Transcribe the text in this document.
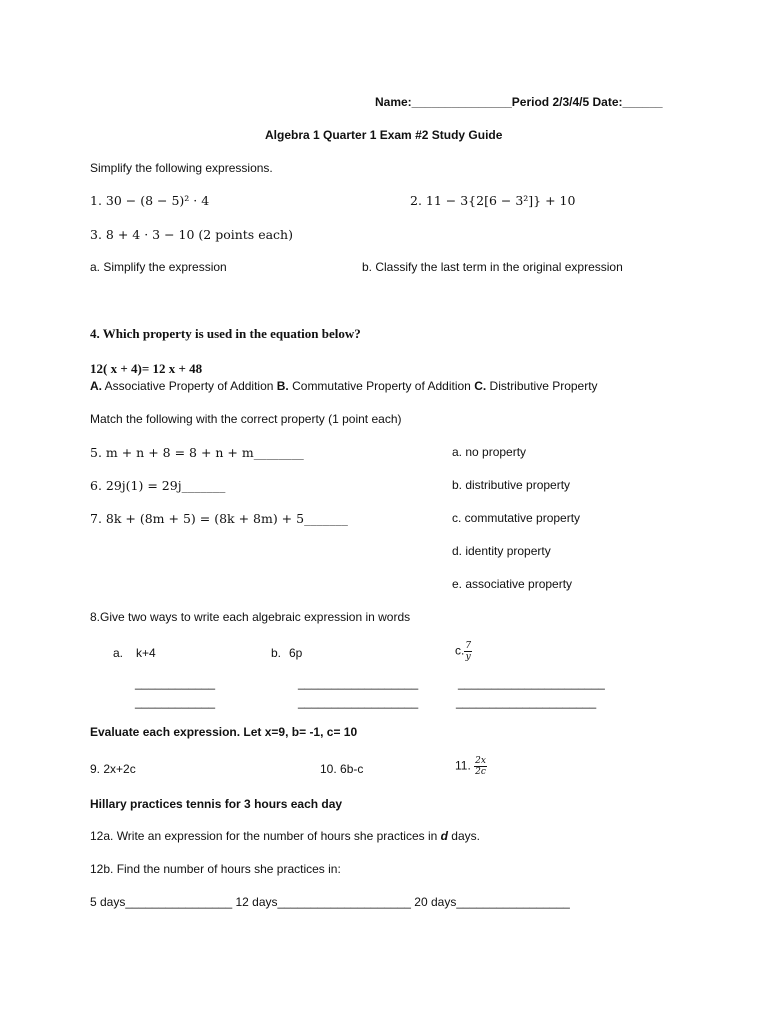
Name:_______________Period 2/3/4/5 Date:______
Algebra 1 Quarter 1 Exam #2 Study Guide
Simplify the following expressions.
1. 30 − (8 − 5)² · 4	2. 11 − 3{2[6 − 3²]} + 10
3. 8 + 4 · 3 − 10 (2 points each)
a. Simplify the expression	b. Classify the last term in the original expression
4. Which property is used in the equation below?
12( x + 4)= 12 x + 48
A. Associative Property of Addition B. Commutative Property of Addition C. Distributive Property
Match the following with the correct property (1 point each)
5. m + n + 8 = 8 + n + m________
6. 29j(1) = 29j_______
7. 8k + (8m + 5) = (8k + 8m) + 5_______
a. no property
b. distributive property
c. commutative property
d. identity property
e. associative property
8.Give two ways to write each algebraic expression in words
a. k+4	b. 6p	c. $\frac{7}{y}$
____________
____________
__________________
__________________
______________________
_____________________
Evaluate each expression. Let x=9, b= -1, c= 10
9. 2x+2c	10. 6b-c	11. $\frac{2x}{2c}$
Hillary practices tennis for 3 hours each day
12a. Write an expression for the number of hours she practices in d days.
12b. Find the number of hours she practices in:
5 days________________ 12 days____________________ 20 days_________________
